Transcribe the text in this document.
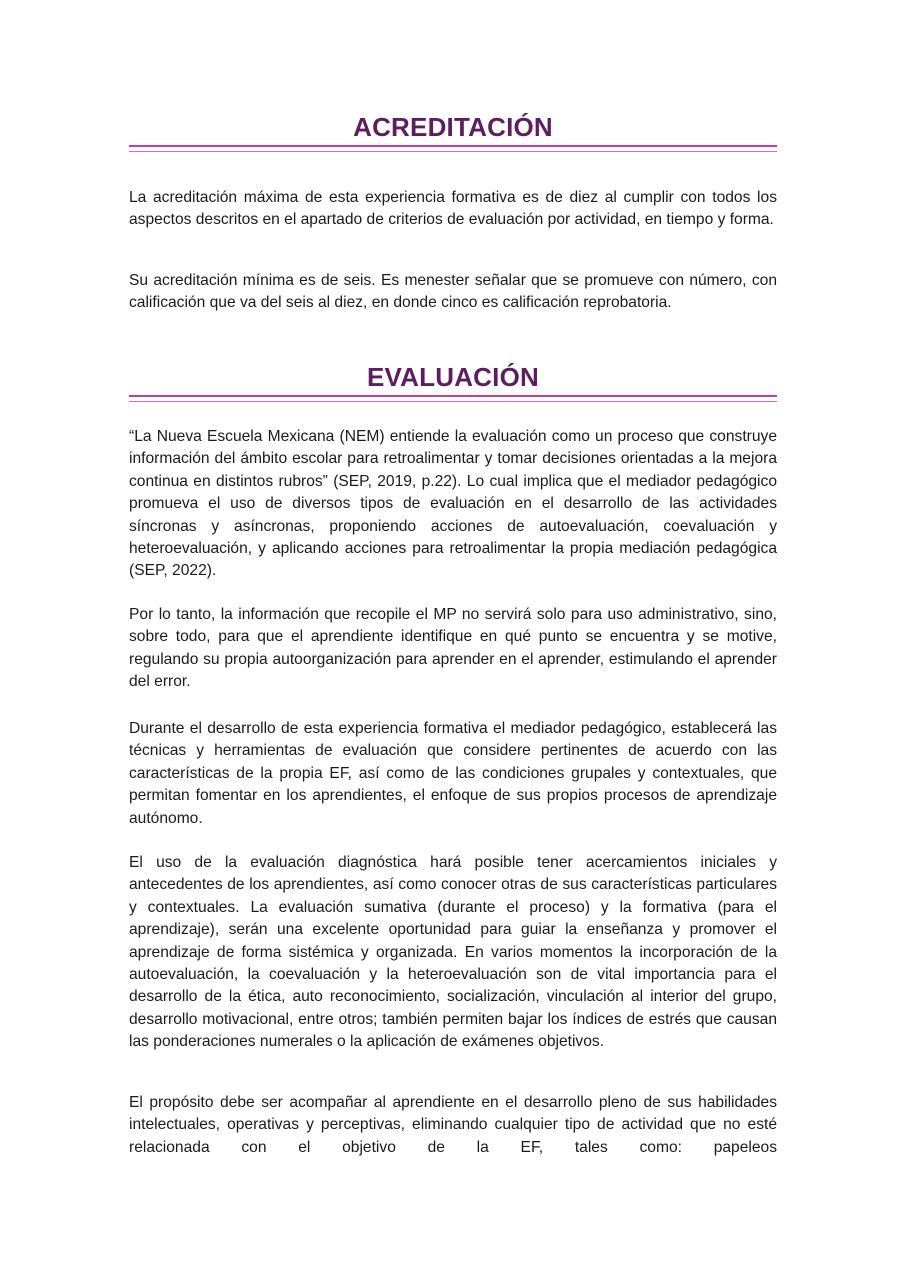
ACREDITACIÓN

La acreditación máxima de esta experiencia formativa es de diez al cumplir con todos los aspectos descritos en el apartado de criterios de evaluación por actividad, en tiempo y forma.

Su acreditación mínima es de seis. Es menester señalar que se promueve con número, con calificación que va del seis al diez, en donde cinco es calificación reprobatoria.

EVALUACIÓN

“La Nueva Escuela Mexicana (NEM) entiende la evaluación como un proceso que construye información del ámbito escolar para retroalimentar y tomar decisiones orientadas a la mejora continua en distintos rubros” (SEP, 2019, p.22). Lo cual implica que el mediador pedagógico promueva el uso de diversos tipos de evaluación en el desarrollo de las actividades síncronas y asíncronas, proponiendo acciones de autoevaluación, coevaluación y heteroevaluación, y aplicando acciones para retroalimentar la propia mediación pedagógica (SEP, 2022).

Por lo tanto, la información que recopile el MP no servirá solo para uso administrativo, sino, sobre todo, para que el aprendiente identifique en qué punto se encuentra y se motive, regulando su propia autoorganización para aprender en el aprender, estimulando el aprender del error.

Durante el desarrollo de esta experiencia formativa el mediador pedagógico, establecerá las técnicas y herramientas de evaluación que considere pertinentes de acuerdo con las características de la propia EF, así como de las condiciones grupales y contextuales, que permitan fomentar en los aprendientes, el enfoque de sus propios procesos de aprendizaje autónomo.

El uso de la evaluación diagnóstica hará posible tener acercamientos iniciales y antecedentes de los aprendientes, así como conocer otras de sus características particulares y contextuales. La evaluación sumativa (durante el proceso) y la formativa (para el aprendizaje), serán una excelente oportunidad para guiar la enseñanza y promover el aprendizaje de forma sistémica y organizada. En varios momentos la incorporación de la autoevaluación, la coevaluación y la heteroevaluación son de vital importancia para el desarrollo de la ética, auto reconocimiento, socialización, vinculación al interior del grupo, desarrollo motivacional, entre otros; también permiten bajar los índices de estrés que causan las ponderaciones numerales o la aplicación de exámenes objetivos.

El propósito debe ser acompañar al aprendiente en el desarrollo pleno de sus habilidades intelectuales, operativas y perceptivas, eliminando cualquier tipo de actividad que no esté relacionada con el objetivo de la EF, tales como: papeleos
